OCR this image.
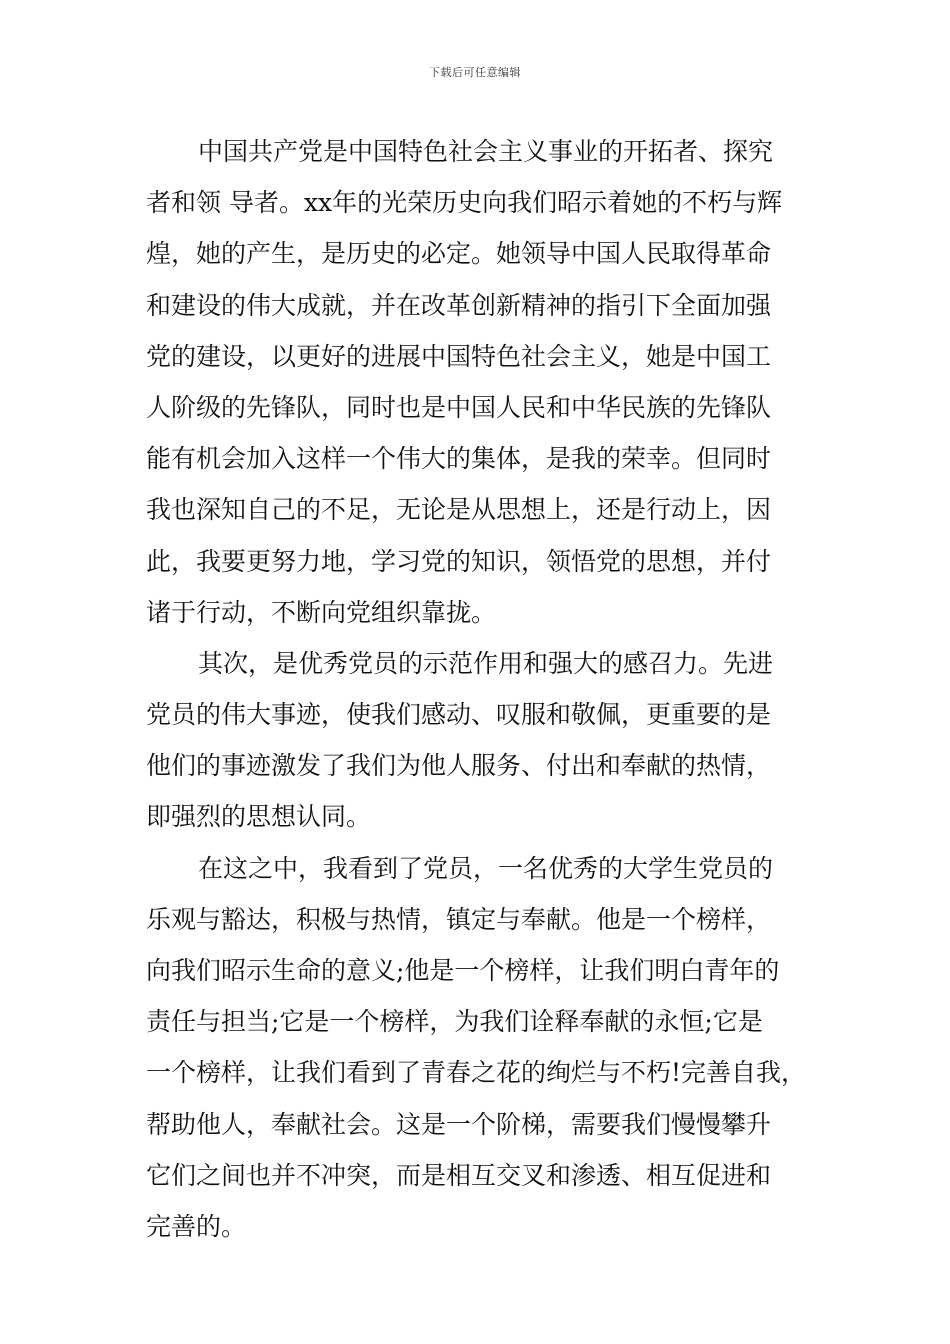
下载后可任意编辑
中国共产党是中国特色社会主义事业的开拓者、探究
者和领 导者。xx年的光荣历史向我们昭示着她的不朽与辉
煌，她的产生，是历史的必定。她领导中国人民取得革命
和建设的伟大成就，并在改革创新精神的指引下全面加强
党的建设，以更好的进展中国特色社会主义，她是中国工
人阶级的先锋队，同时也是中国人民和中华民族的先锋队
能有机会加入这样一个伟大的集体，是我的荣幸。但同时
我也深知自己的不足，无论是从思想上，还是行动上，因
此，我要更努力地，学习党的知识，领悟党的思想，并付
诸于行动，不断向党组织靠拢。
其次，是优秀党员的示范作用和强大的感召力。先进
党员的伟大事迹，使我们感动、叹服和敬佩，更重要的是
他们的事迹激发了我们为他人服务、付出和奉献的热情，
即强烈的思想认同。
在这之中，我看到了党员，一名优秀的大学生党员的
乐观与豁达，积极与热情，镇定与奉献。他是一个榜样，
向我们昭示生命的意义;他是一个榜样，让我们明白青年的
责任与担当;它是一个榜样，为我们诠释奉献的永恒;它是
一个榜样，让我们看到了青春之花的绚烂与不朽!完善自我，
帮助他人，奉献社会。这是一个阶梯，需要我们慢慢攀升
它们之间也并不冲突，而是相互交叉和渗透、相互促进和
完善的。
